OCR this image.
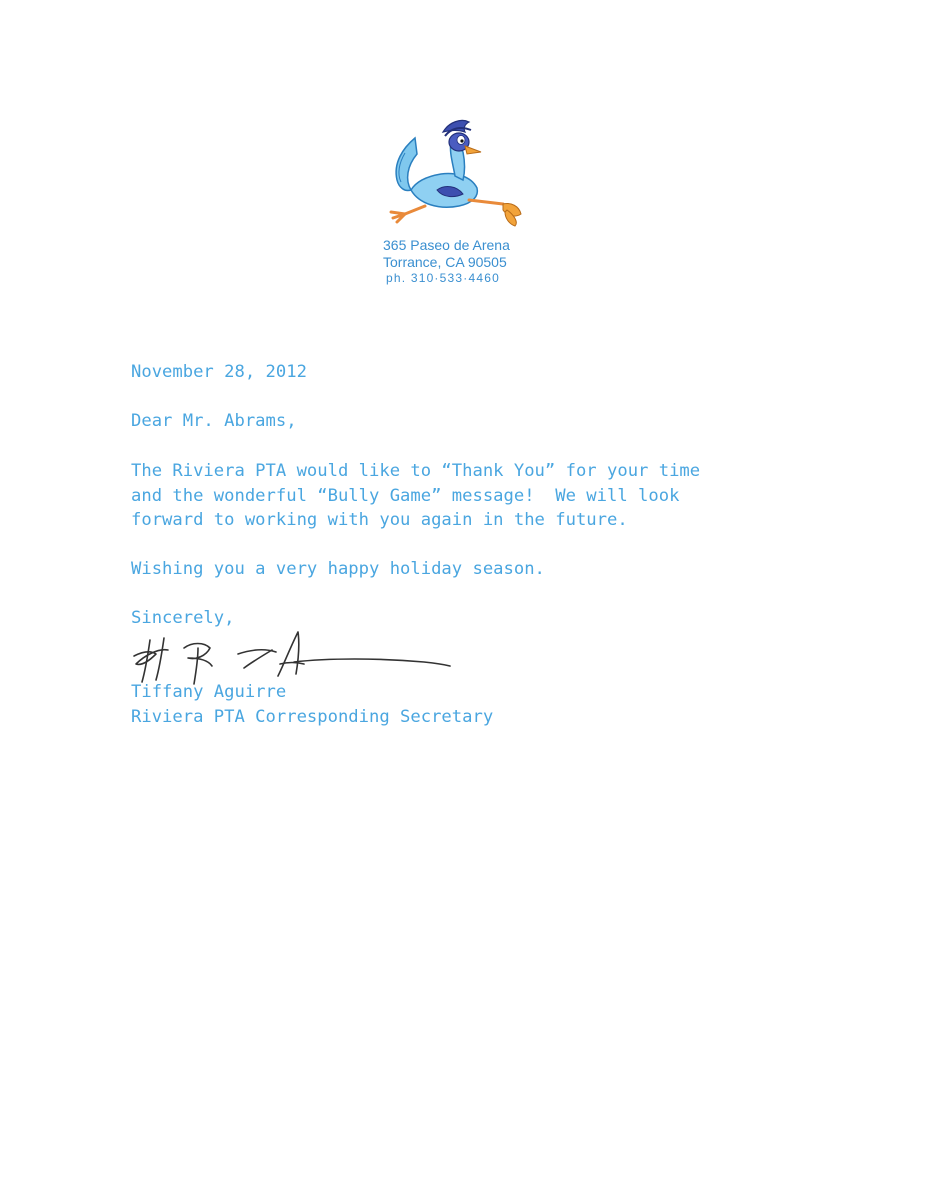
365 Paseo de Arena
Torrance, CA 90505
ph. 310·533·4460

November 28, 2012

Dear Mr. Abrams,

The Riviera PTA would like to “Thank You” for your time

and the wonderful “Bully Game” message!  We will look

forward to working with you again in the future.

Wishing you a very happy holiday season.

Sincerely,

Tiffany Aguirre

Riviera PTA Corresponding Secretary
